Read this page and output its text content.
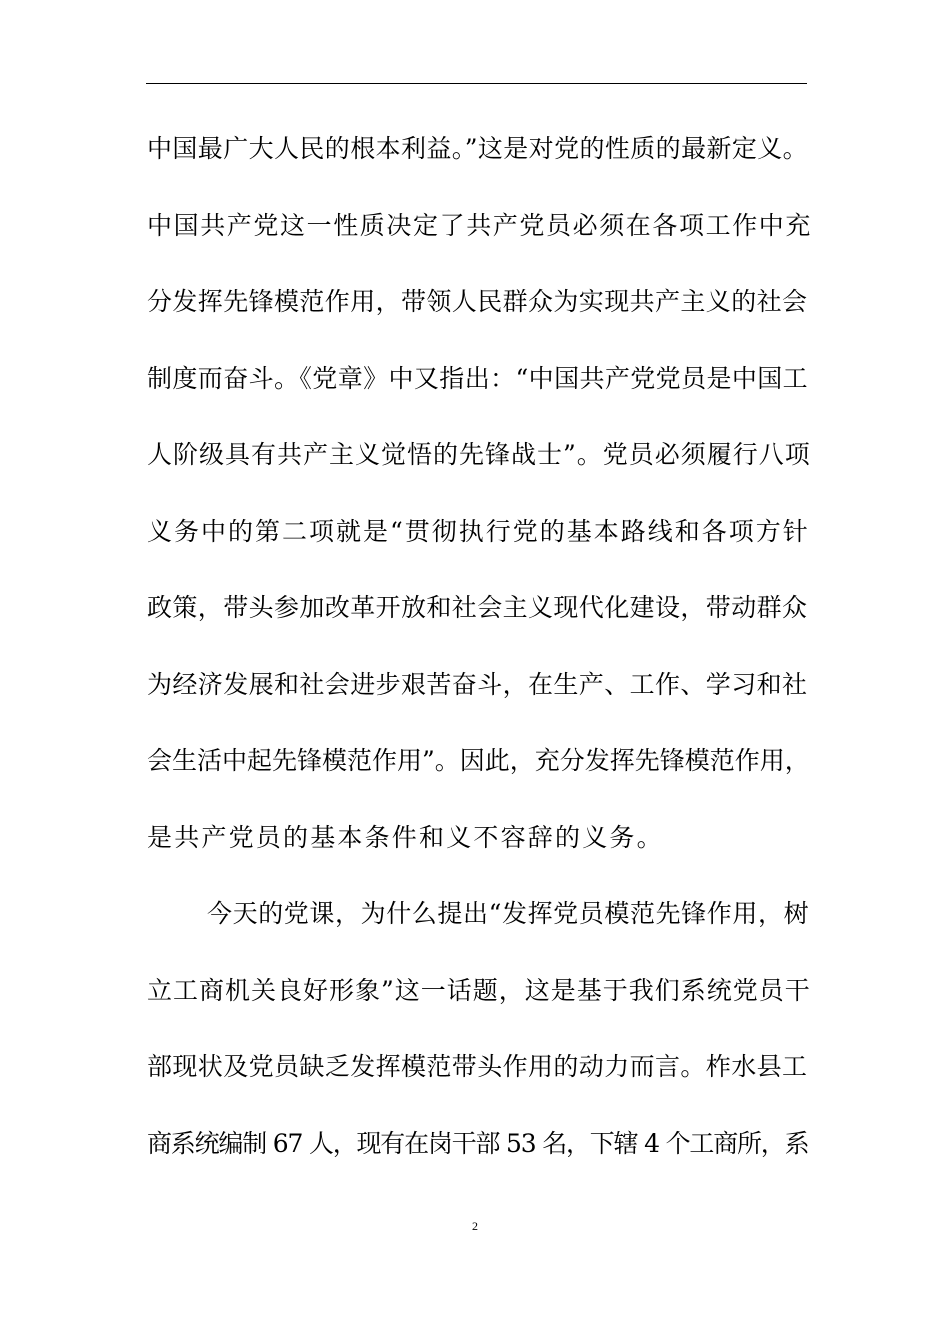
中国最广大人民的根本利益。”这是对党的性质的最新定义。
中国共产党这一性质决定了共产党员必须在各项工作中充
分发挥先锋模范作用，带领人民群众为实现共产主义的社会
制度而奋斗。《党章》中又指出：“中国共产党党员是中国工
人阶级具有共产主义觉悟的先锋战士”。党员必须履行八项
义务中的第二项就是“贯彻执行党的基本路线和各项方针
政策，带头参加改革开放和社会主义现代化建设，带动群众
为经济发展和社会进步艰苦奋斗，在生产、工作、学习和社
会生活中起先锋模范作用”。因此，充分发挥先锋模范作用，
是共产党员的基本条件和义不容辞的义务。
今天的党课，为什么提出“发挥党员模范先锋作用，树
立工商机关良好形象”这一话题，这是基于我们系统党员干
部现状及党员缺乏发挥模范带头作用的动力而言。柞水县工
商系统编制 67 人，现有在岗干部 53 名，下辖 4 个工商所，系
2
